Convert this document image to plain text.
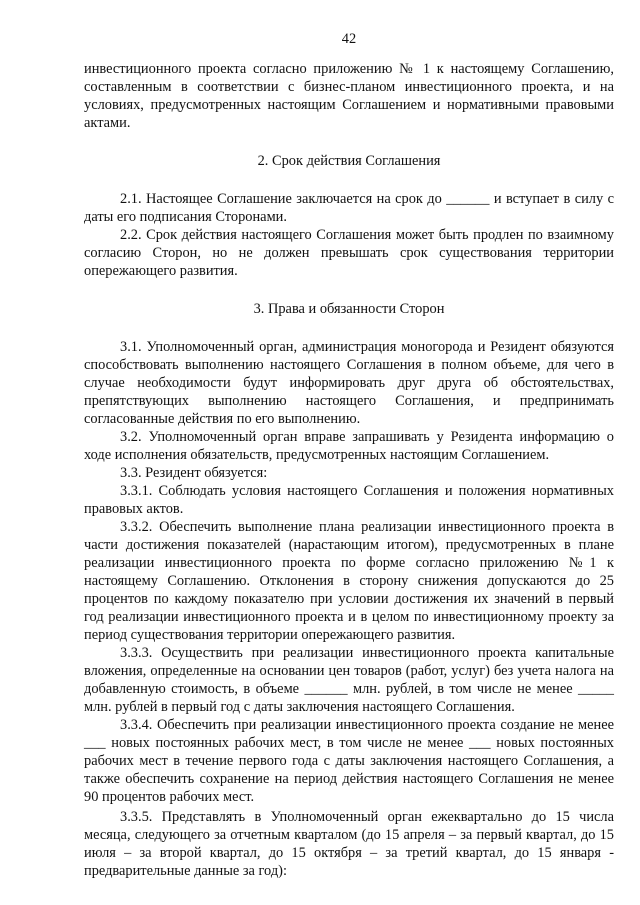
42

инвестиционного проекта согласно приложению № 1 к настоящему Соглашению, составленным в соответствии с бизнес-планом инвестиционного проекта, и на условиях, предусмотренных настоящим Соглашением и нормативными правовыми актами.

2. Срок действия Соглашения

2.1. Настоящее Соглашение заключается на срок до ______ и вступает в силу с даты его подписания Сторонами.

2.2. Срок действия настоящего Соглашения может быть продлен по взаимному согласию Сторон, но не должен превышать срок существования территории опережающего развития.

3. Права и обязанности Сторон

3.1. Уполномоченный орган, администрация моногорода и Резидент обязуются способствовать выполнению настоящего Соглашения в полном объеме, для чего в случае необходимости будут информировать друг друга об обстоятельствах, препятствующих выполнению настоящего Соглашения, и предпринимать согласованные действия по его выполнению.

3.2. Уполномоченный орган вправе запрашивать у Резидента информацию о ходе исполнения обязательств, предусмотренных настоящим Соглашением.

3.3. Резидент обязуется:

3.3.1. Соблюдать условия настоящего Соглашения и положения нормативных правовых актов.

3.3.2. Обеспечить выполнение плана реализации инвестиционного проекта в части достижения показателей (нарастающим итогом), предусмотренных в плане реализации инвестиционного проекта по форме согласно приложению №1 к настоящему Соглашению. Отклонения в сторону снижения допускаются до 25 процентов по каждому показателю при условии достижения их значений в первый год реализации инвестиционного проекта и в целом по инвестиционному проекту за период существования территории опережающего развития.

3.3.3. Осуществить при реализации инвестиционного проекта капитальные вложения, определенные на основании цен товаров (работ, услуг) без учета налога на добавленную стоимость, в объеме ______ млн. рублей, в том числе не менее _____ млн. рублей в первый год с даты заключения настоящего Соглашения.

3.3.4. Обеспечить при реализации инвестиционного проекта создание не менее ___ новых постоянных рабочих мест, в том числе не менее ___ новых постоянных рабочих мест в течение первого года с даты заключения настоящего Соглашения, а также обеспечить сохранение на период действия настоящего Соглашения не менее 90 процентов рабочих мест.

3.3.5. Представлять в Уполномоченный орган ежеквартально до 15 числа месяца, следующего за отчетным кварталом (до 15 апреля – за первый квартал, до 15 июля – за второй квартал, до 15 октября – за третий квартал, до 15 января - предварительные данные за год):
